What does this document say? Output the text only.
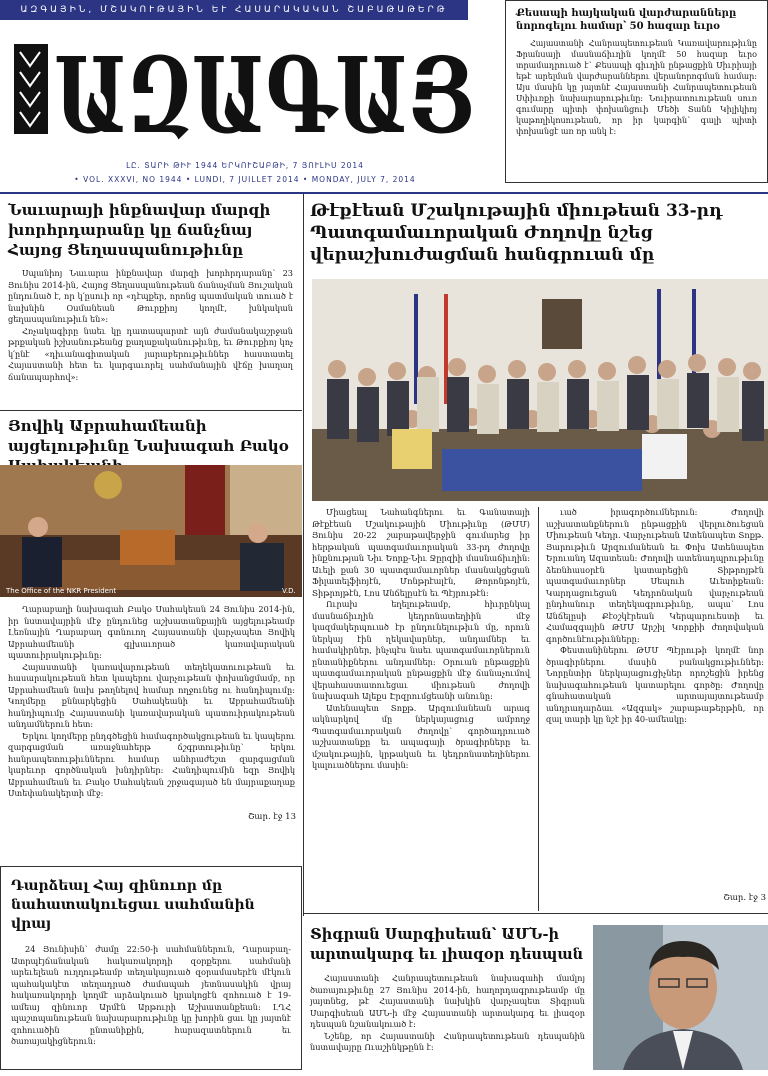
ԱԶԳԱՅԻՆ, ՄՇԱԿՈՒԹԱՅԻՆ ԵՒ ՀԱՍԱՐԱԿԱԿԱՆ ՇԱԲԱԹԱԹԵՐԹ
ԱԶԱԳԱՅ
ԼԸ. ՏԱՐԻ ԹԻՒ 1944 ԵՐԿՈՒՇԱԲԹԻ, 7 ՅՈՒԼԻՍ 2014
• VOL. XXXVI, NO 1944 • LUNDI, 7 JUILLET 2014 • MONDAY, JULY 7, 2014
Քեսապի հայկական վարժարանները նորոգելու համար՝ 50 հազար եւրօ

Հայաստանի Հանրապետութեան Կառավարութիւնը Ֆրանսայի մասնաճիւղին կողմէ 50 հազար եւրօ տրամադրուած է՝ Քեսապի գիւղին ընթացքին Սիւրիայի եթէ արելման վարժարաններու վերանորոգման համար: Այս մասին կը յայտնէ Հայաստանի Հանրապետութեան Սփիւռքի նախարարութիւնը: Նուիրատուութեան սուռ գումարը պիտի փոխանցուի Մեծի Տանն Կիլիկիոյ կաթողիկոսութեան, որ իր կարգին՝ գալի պիտի փոխանցէ առ որ անկ է:

Նաւարայի ինքնավար մարզի խորհրդարանը կը ճանչնայ Հայոց Ցեղասպանութիւնը

Սպանիոյ Նաւարա ինքնավար մարզի խորհրդարանը՝ 23 Յունիս 2014-ին, Հայոց Ցեղասպանութեան ճանաչման Յուշական ընդունած է, որ կ՛ըսուի որ «դէպքեր, որոնց պատմական տուած է նախնին Օսմանեան Թուրքիոյ կողմէ, խնկական ցեղասպանութիւն են»:

Հռչակագիրը նաեւ կը դատապարտէ այն ժամանակաշրջան թրքական իշխանութեանց քաղաքականութիւնը, եւ Թուրքիոյ կոչ կ՛ընէ «դիւանագիտական յարաբերութիւններ հաստատել Հայաստանի հետ եւ կարգաւորել սահմանային վէճը խաղաղ ճանապարհով»:

Յովիկ Աբրահամեանի այցելութիւնը Նախագահ Բակօ
The Office of the NKR President	V.D.

Ղարաբաղի նախագահ Բակօ Սահակեան 24 Յունիս 2014-ին, իր նստավայրին մէջ ընդունեց աշխատանքային այցելութեամբ Լեռնային Ղարաբաղ գտնուող Հայաստանի վարչապետ Յովիկ Աբրահամեանի գլխաւորած կառավարական պատուիրակութիւնը:

Հայաստանի կառավարութեան տեղեկատուութեան եւ հասարակութեան հետ կապերու վարչութեան փոխանցմամբ, որ Աբրահամեան նախ թողնելով համար ողջունեց ու հանդիպումը: Կողմերը քննարկեցին Սահակեանի եւ Աբրահամեանի հանդիպումը Հայաստանի կառավարական պատուիրակութեան անդամներուն հետ:

Երկու կողմերը ընդգծեցին համագործակցութեան եւ կապերու զարգացման առաջնահերթ ճշգրտութիւնը՝ երկու հանրապետութիւններու համար անհրաժեշտ զարգացման կարեւոր գործնական խնդիրներ: Հանդիպումին եզր Յովիկ Աբրահամեան եւ Բակօ Սահակեան շրջագայած են մայրաքաղաք Ստեփանակերտի մէջ:

Շար. էջ 13
Դարձեալ Հայ զինուոր մը նահատակուեցաւ սահմանին վրայ

24 Յունիսին՝ ժամը 22:50-ի սահմաններուն, Ղարաբաղ-Ատրպէյճանական հակառակորդի զօրքերու սահմանի արեւելեան ուղղութեամբ տեղակայուած զօրամասերէն մէկուն պահակակէտ տեղադրած ժամապահ յետնասակին վրայ հակառակորդի կողմէ արձակուած կրակոցէն զոհուած է 19-ամեայ զինուոր Արմէն Արթուրի Աշխատանքեան: ԼՂՀ պաշտպանութեան նախարարութիւնը կը խորին ցաւ կը յայտնէ զոհուածին ընտանիքին, հարազատներուն եւ ծառայակիցներուն:

Թէքէեան Մշակութային միութեան 33-րդ Պատգամաւորական Ժողովը նշեց վերաշխուժացման հանգրուան մը

Միացեալ Նահանգներու եւ Գանատայի Թէքէեան Մշակութային Միութիւնը (ԹՄՄ) Յունիս 20-22 շաբաթավերջին գումարեց իր հերթական պատգամաւորական 33-րդ ժողովը ինքնության Նիւ Եորք-Նիւ Ջըրզիի մասնաճիւղին: Աւելի քան 30 պատգամաւորներ մասնակցեցան Ֆիլատելֆիոյէն, Մոնթրէալէն, Թորոնթոյէն, Տիթրոյթէն, Լոս Անճելըսէն եւ Պէյրութէն:

Ուրախ եղելութեամբ, հիւրընկալ մասնաճիւղին կեդրոնատեղիին մէջ կազմակերպուած էր ընդունելութիւն մը, որուն ներկայ էին ղեկավարներ, անդամներ եւ համակիրներ, ինչպէս նաեւ պատգամաւորներուն ընտանիքներու անդամներ: Օրուան ընթացքին պատգամաւորական ընթացքին մէջ ճանաչումով վերահաստատուեցաւ միութեան ժողովի նախագահ Ալեքս Էրզրումցեանի անունը:

Ատենապետ Տոքթ. Արզումանեան արագ ակնարկով մը ներկայացուց ամբողջ Պատգամաւորական ժողովը՝ գործադրուած աշխատանքը եւ ապագայի ծրագիրները եւ մշակութային, կրթական եւ կեդրոնատեղիներու կալուածներու մասին:

ւած իրագործումներուն: Ժողովի աշխատանքներուն ընթացքին վերլուծուեցան Միութեան Կեդր. Վարչութեան Ատենապետ Տոքթ. Յարութիւն Արզումանեան եւ Փոխ Ատենապետ Երուանդ Ազատեան: Ժողովի ատենադպրութիւնը ձեռնհասօրէն կատարեցին Տիթրոյթէն պատգամաւորներ Սեպուհ Աւետիքեան: Կարդացուեցան Կեդրոնական վարչութեան ընդհանուր տեղեկագրութիւնը, ապա՝ Լոս Անճելըսի Քէօշկէրեան Կերպարուեստի եւ Համազգային ԹՄՄ Արշիլ Կորքիի ժողովական գործունէութիւնները:

Փեստանիներու ԹՄՄ Պէյրութի կողմէ նոր ծրագիրներու մասին բանակցութիւններ: Նորընտիր ներկայացուցիչներ որոշեցին իրենց նախագահութեան կատարելու գործը: Ժողովը գնահատական արտայայտութեամբ անդրադարձաւ «Ազգակ» շաբաթաթերթին, որ զալ տարի կը նշէ իր 40-ամեակը:

Շար. էջ 3
Տիգրան Սարգիսեան՝ ԱՄՆ-ի արտակարգ եւ լիազօր դեսպան

Հայաստանի Հանրապետութեան նախագահի մամլոյ ծառայութիւնը 27 Յունիս 2014-ին, հաղորդագրութեամբ մը յայտնեց, թէ Հայաստանի նախկին վարչապետ Տիգրան Սարգիսեան ԱՄՆ-ի մէջ Հայաստանի արտակարգ եւ լիազօր դեսպան նշանակուած է:

Նշենք, որ Հայաստանի Հանրապետութեան դեսպանին նստավայրը Ուաշինկթընն է:
